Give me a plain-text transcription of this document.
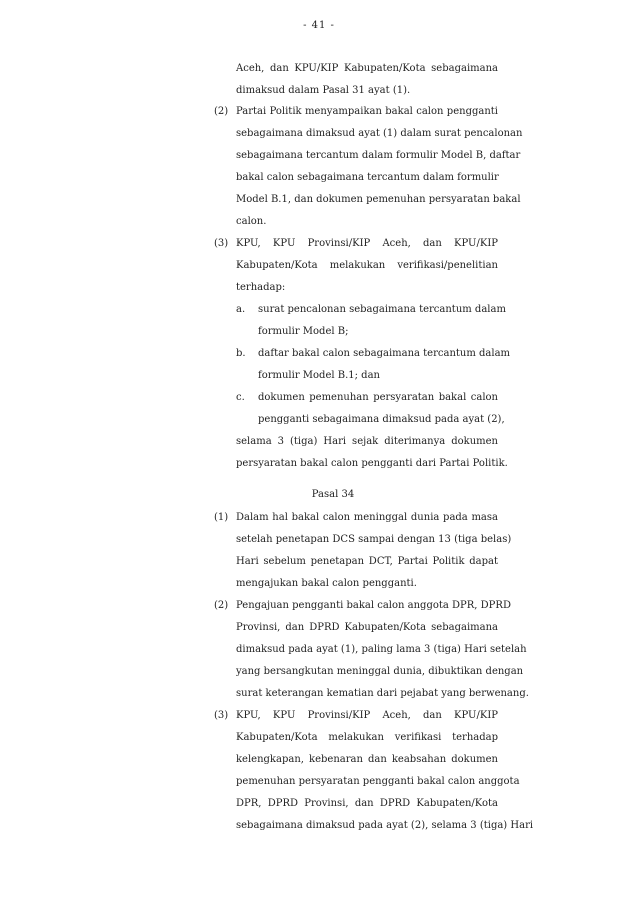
- 41 -
Aceh, dan KPU/KIP Kabupaten/Kota sebagaimana
dimaksud dalam Pasal 31 ayat (1).
(2) Partai Politik menyampaikan bakal calon pengganti
sebagaimana dimaksud ayat (1) dalam surat pencalonan
sebagaimana tercantum dalam formulir Model B, daftar
bakal calon sebagaimana tercantum dalam formulir
Model B.1, dan dokumen pemenuhan persyaratan bakal
calon.
(3) KPU, KPU Provinsi/KIP Aceh, dan KPU/KIP
Kabupaten/Kota melakukan verifikasi/penelitian
terhadap:
a. surat pencalonan sebagaimana tercantum dalam
formulir Model B;
b. daftar bakal calon sebagaimana tercantum dalam
formulir Model B.1; dan
c. dokumen pemenuhan persyaratan bakal calon
pengganti sebagaimana dimaksud pada ayat (2),
selama 3 (tiga) Hari sejak diterimanya dokumen
persyaratan bakal calon pengganti dari Partai Politik.
Pasal 34
(1) Dalam hal bakal calon meninggal dunia pada masa
setelah penetapan DCS sampai dengan 13 (tiga belas)
Hari sebelum penetapan DCT, Partai Politik dapat
mengajukan bakal calon pengganti.
(2) Pengajuan pengganti bakal calon anggota DPR, DPRD
Provinsi, dan DPRD Kabupaten/Kota sebagaimana
dimaksud pada ayat (1), paling lama 3 (tiga) Hari setelah
yang bersangkutan meninggal dunia, dibuktikan dengan
surat keterangan kematian dari pejabat yang berwenang.
(3) KPU, KPU Provinsi/KIP Aceh, dan KPU/KIP
Kabupaten/Kota melakukan verifikasi terhadap
kelengkapan, kebenaran dan keabsahan dokumen
pemenuhan persyaratan pengganti bakal calon anggota
DPR, DPRD Provinsi, dan DPRD Kabupaten/Kota
sebagaimana dimaksud pada ayat (2), selama 3 (tiga) Hari
